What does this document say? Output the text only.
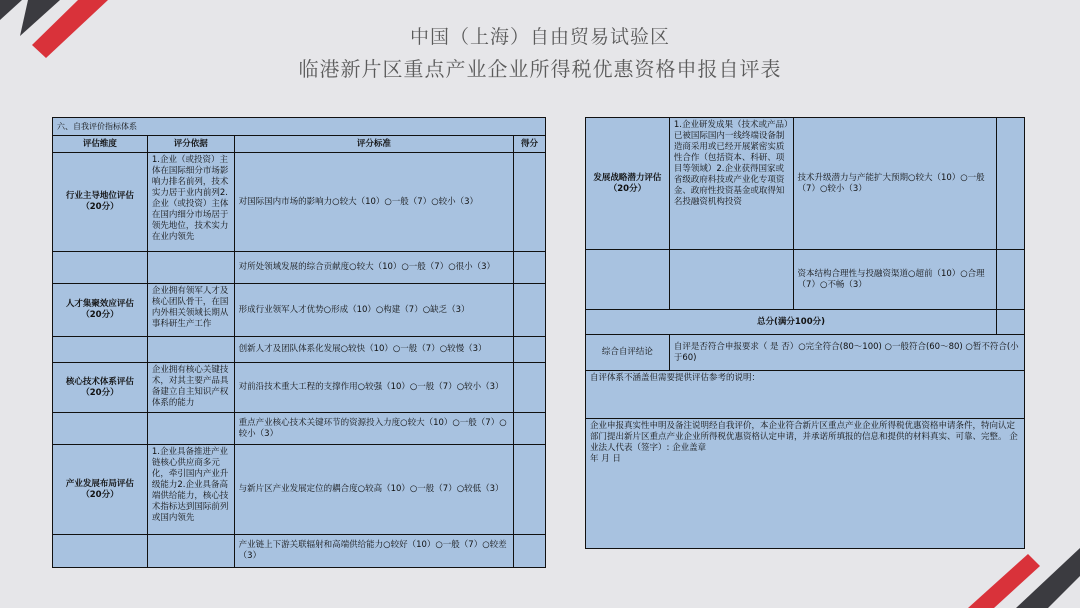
中国（上海）自由贸易试验区
临港新片区重点产业企业所得税优惠资格申报自评表
六、自我评价指标体系			
评估维度	评分依据	评分标准	得分
行业主导地位评估
（20分）	1.企业（或投资）主体在国际细分市场影响力排名前列，技术实力居于业内前列2.企业（或投资）主体在国内细分市场居于领先地位，技术实力在业内领先	对国际国内市场的影响力○较大（10）○一般（7）○较小（3）	
		对所处领域发展的综合贡献度○较大（10）○一般（7）○很小（3）	
人才集聚效应评估
（20分）	企业拥有领军人才及核心团队骨干，在国内外相关领域长期从事科研生产工作	形成行业领军人才优势○形成（10）○构建（7）○缺乏（3）	
		创新人才及团队体系化发展○较快（10）○一般（7）○较慢（3）	
核心技术体系评估
（20分）	企业拥有核心关键技术，对其主要产品具备建立自主知识产权体系的能力	对前沿技术重大工程的支撑作用○较强（10）○一般（7）○较小（3）	
		重点产业核心技术关键环节的资源投入力度○较大（10）○一般（7）○较小（3）	
产业发展布局评估
（20分）	1.企业具备推进产业链核心供应商多元化，牵引国内产业升级能力2.企业具备高端供给能力，核心技术指标达到国际前列或国内领先	与新片区产业发展定位的耦合度○较高（10）○一般（7）○较低（3）	
		产业链上下游关联辐射和高端供给能力○较好（10）○一般（7）○较差（3）	
发展战略潜力评估
（20分）	1.企业研发成果（技术或产品）已被国际国内一线终端设备制造商采用或已经开展紧密实质性合作（包括资本、科研、项目等领域）2.企业获得国家或省级政府科技或产业化专项资金、政府性投资基金或取得知名投融资机构投资	技术升级潜力与产能扩大预期○较大（10）○一般（7）○较小（3）	
		资本结构合理性与投融资渠道○超前（10）○合理（7）○不畅（3）	
总分(满分100分)			
综合自评结论	自评是否符合申报要求（ 是 否）○完全符合(80～100) ○一般符合(60～80) ○暂不符合(小于60)		
自评体系不涵盖但需要提供评估参考的说明：			

企业申报真实性申明及备注说明经自我评价，本企业符合新片区重点产业企业所得税优惠资格申请条件，特向认定部门提出新片区重点产业企业所得税优惠资格认定申请，并承诺所填报的信息和提供的材料真实、可靠、完整。 企业法人代表（签字）: 企业盖章
年 月 日			
